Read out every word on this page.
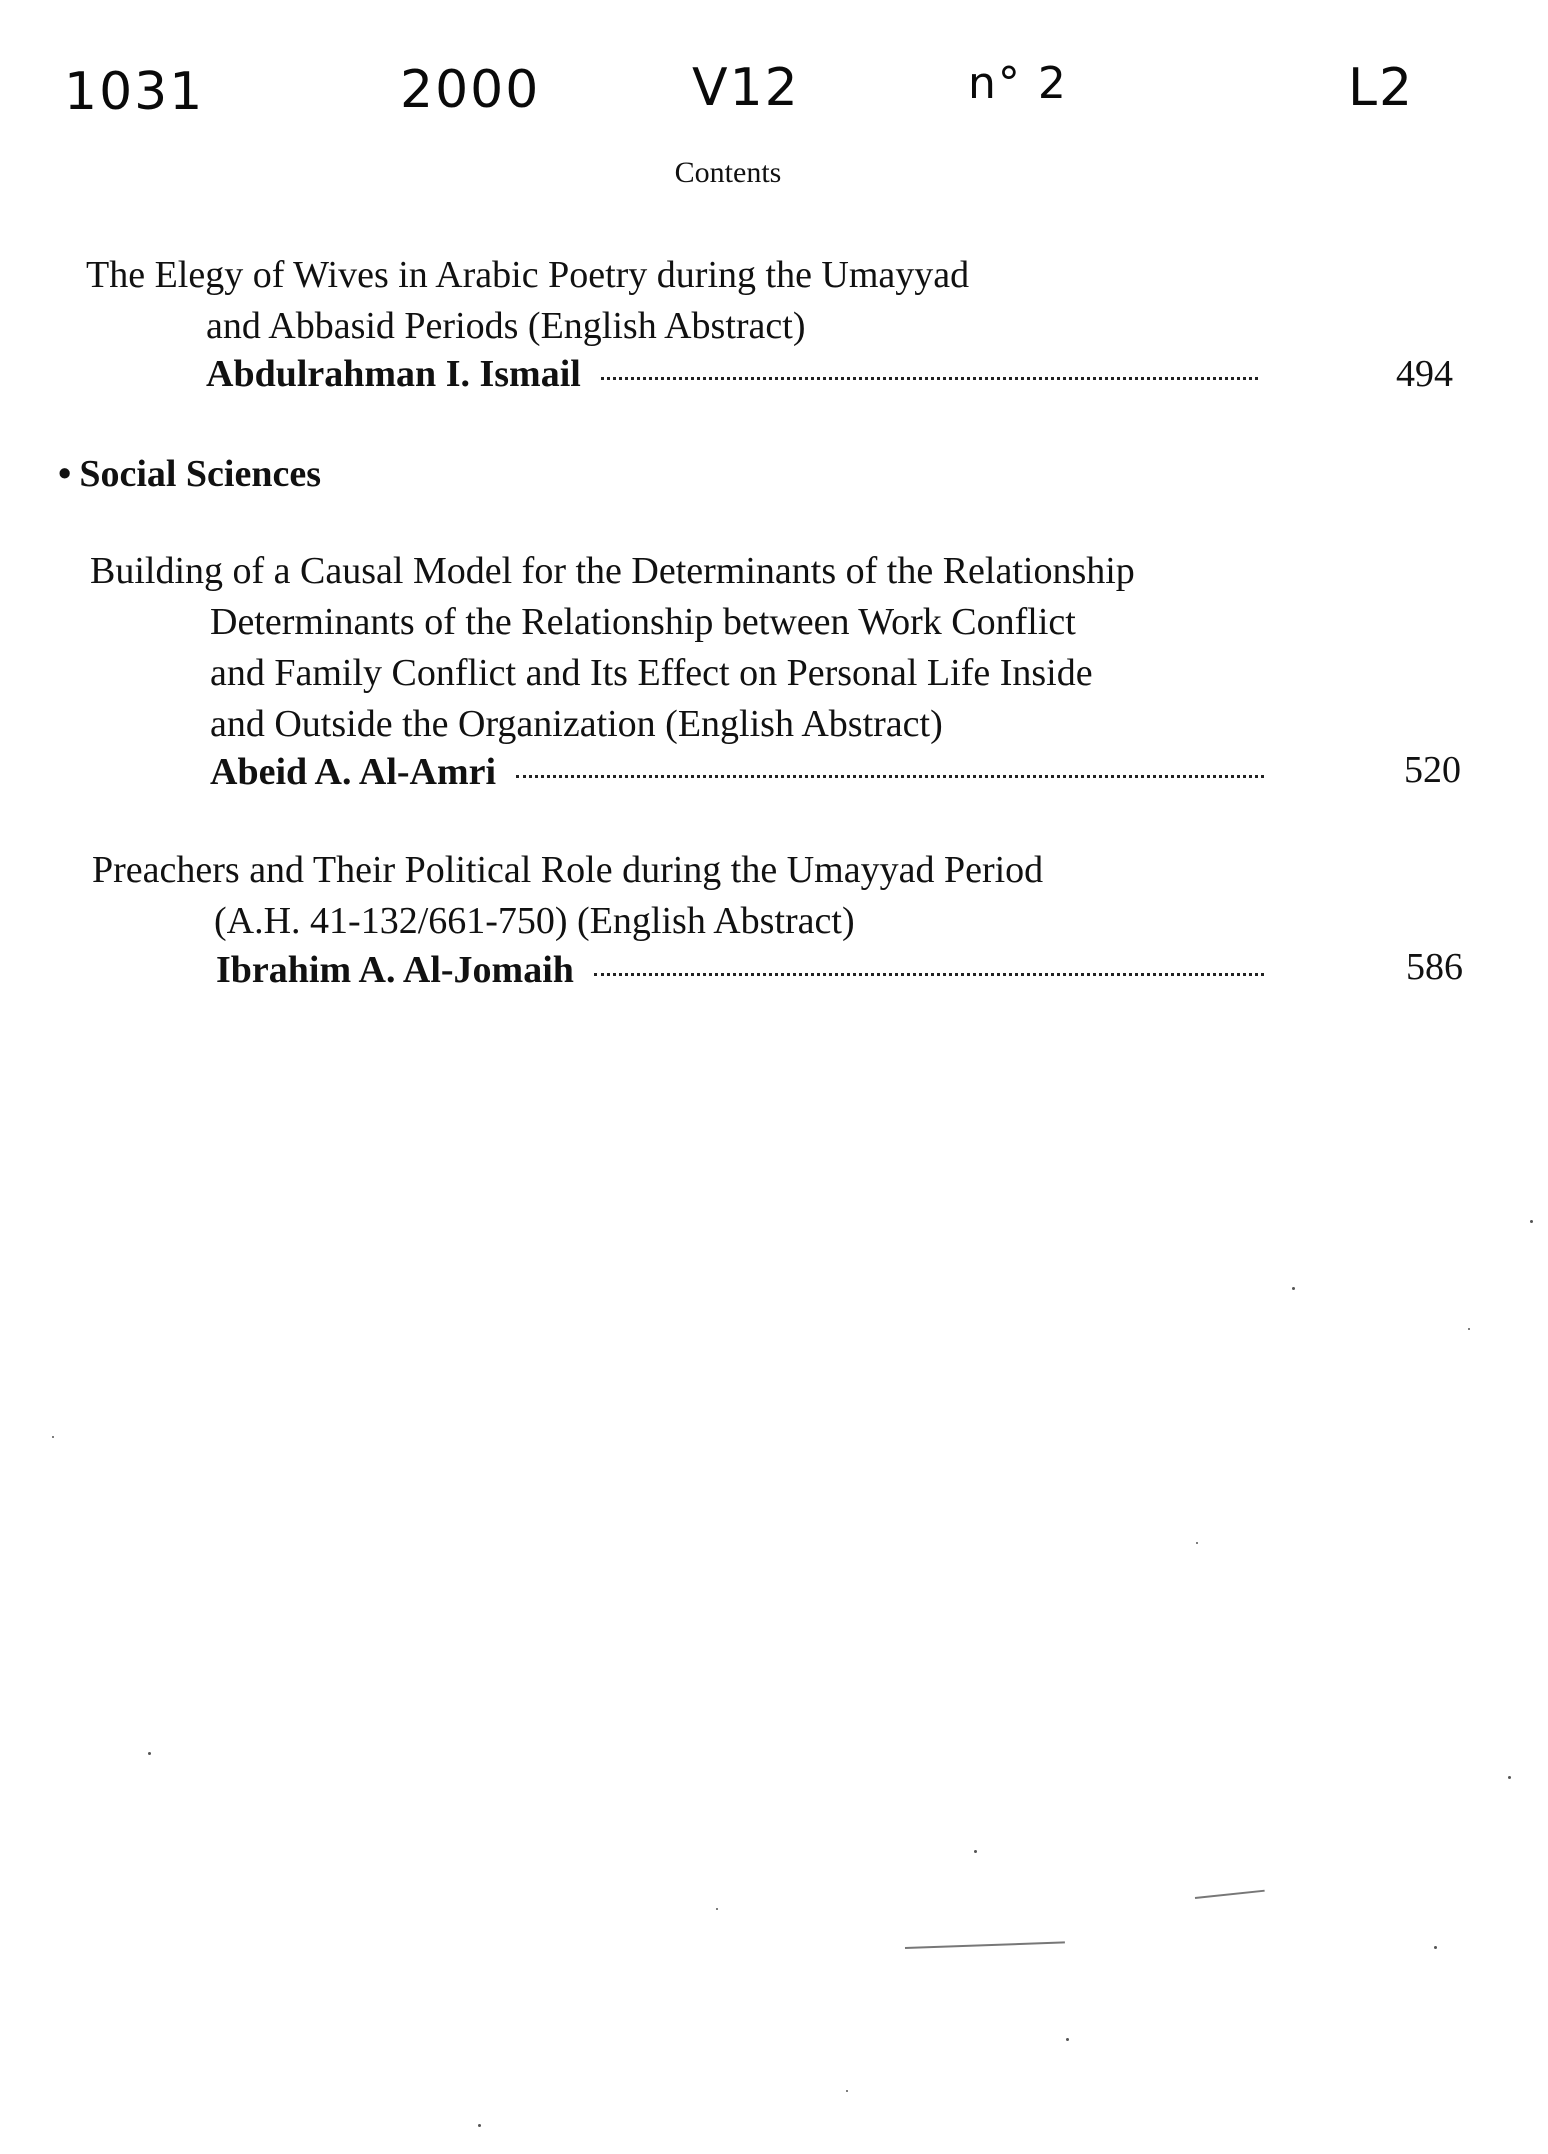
1031	2000	V12	n° 2	L2
Contents
The Elegy of Wives in Arabic Poetry during the Umayyad
and Abbasid Periods (English Abstract)
Abdulrahman I. Ismail	494
• Social Sciences
Building of a Causal Model for the Determinants of the Relationship
Determinants of the Relationship between Work Conflict
and Family Conflict and Its Effect on Personal Life Inside
and Outside the Organization (English Abstract)
Abeid A. Al-Amri	520
Preachers and Their Political Role during the Umayyad Period
(A.H. 41-132/661-750) (English Abstract)
Ibrahim A. Al-Jomaih	586
